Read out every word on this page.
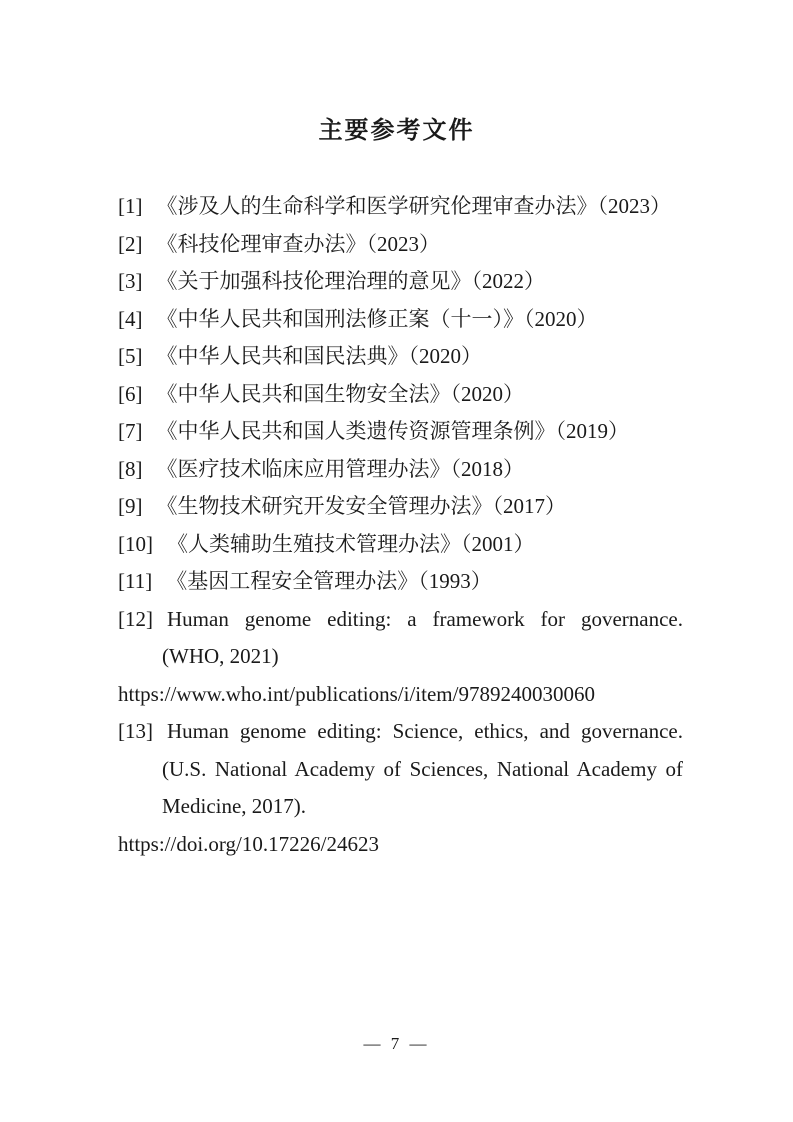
主要参考文件

[1] 《涉及人的生命科学和医学研究伦理审查办法》（2023）

[2] 《科技伦理审查办法》（2023）

[3] 《关于加强科技伦理治理的意见》（2022）

[4] 《中华人民共和国刑法修正案（十一）》（2020）

[5] 《中华人民共和国民法典》（2020）

[6] 《中华人民共和国生物安全法》（2020）

[7] 《中华人民共和国人类遗传资源管理条例》（2019）

[8] 《医疗技术临床应用管理办法》（2018）

[9] 《生物技术研究开发安全管理办法》（2017）

[10] 《人类辅助生殖技术管理办法》（2001）

[11] 《基因工程安全管理办法》（1993）

[12] Human genome editing: a framework for governance. (WHO, 2021)
https://www.who.int/publications/i/item/9789240030060

[13] Human genome editing: Science, ethics, and governance. (U.S. National Academy of Sciences, National Academy of Medicine, 2017).
https://doi.org/10.17226/24623

— 7 —
